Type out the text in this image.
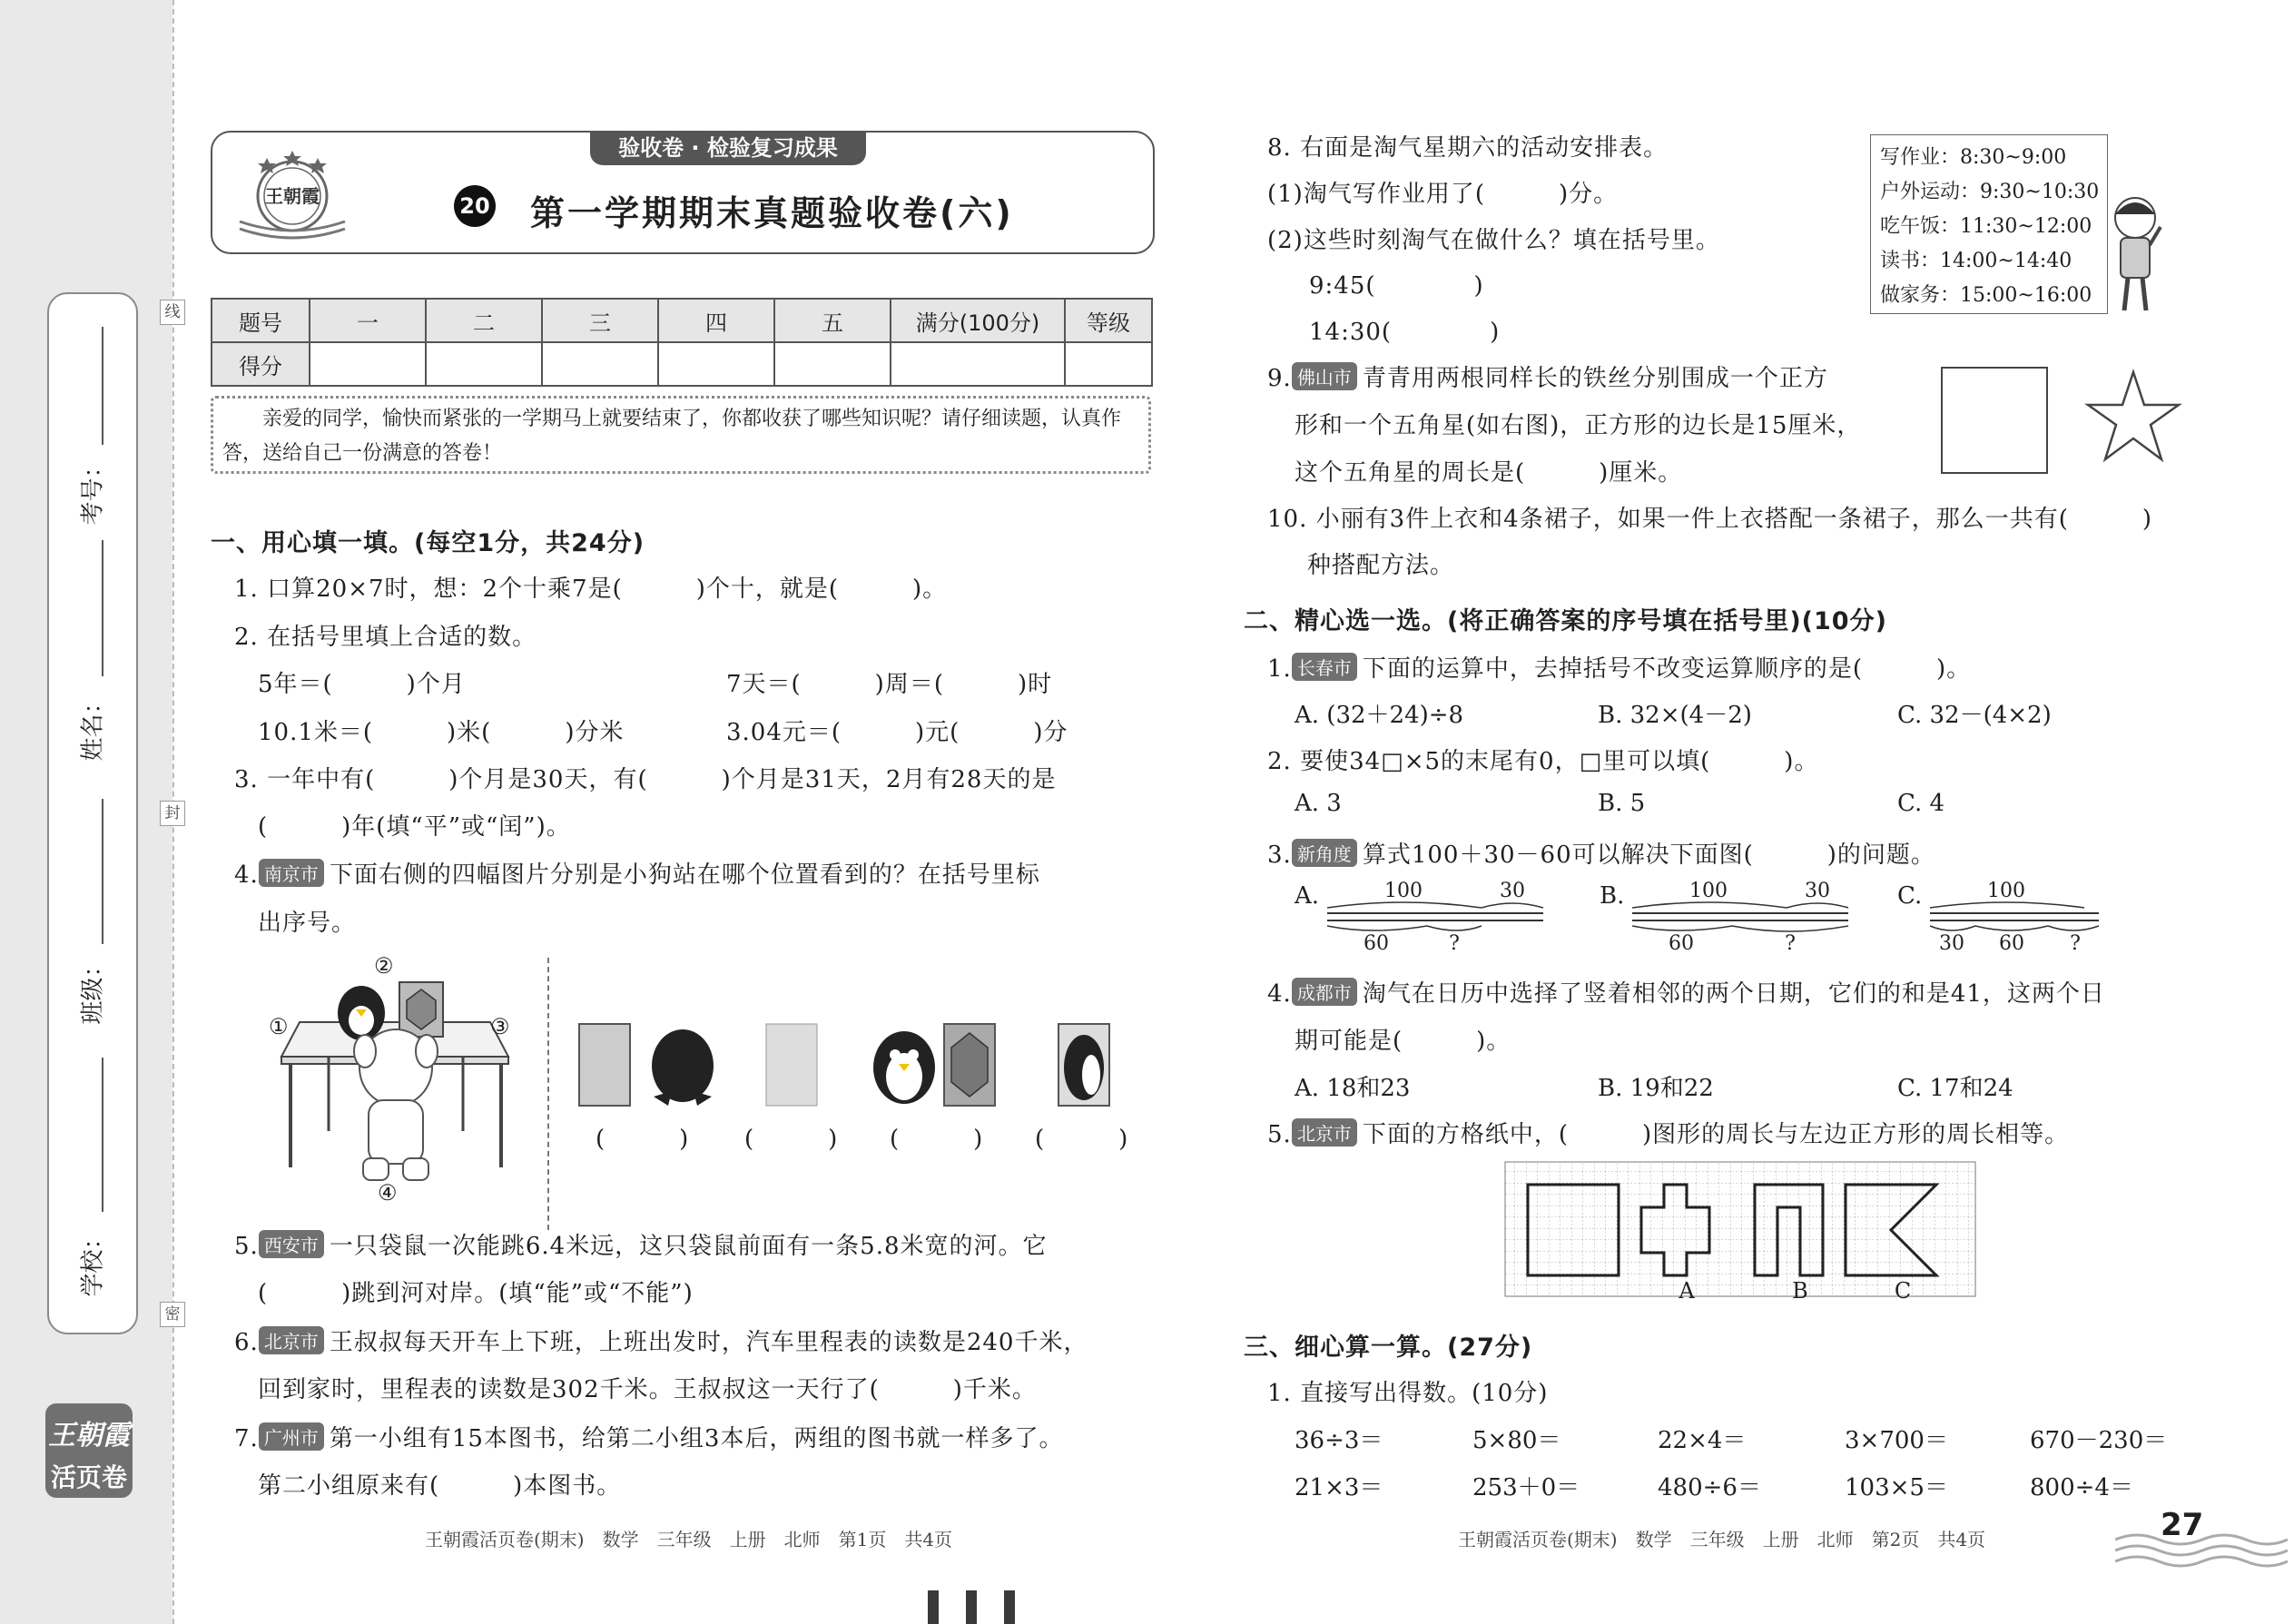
线
封
密
考号：
姓名：
班级：
学校：
王朝霞
活页卷
验收卷 · 检验复习成果
王朝霞	20 第一学期期末真题验收卷(六)
题号	一	二	三	四	五	满分(100分)	等级
得分							
亲爱的同学，愉快而紧张的一学期马上就要结束了，你都收获了哪些知识呢？请仔细读题，认真作答，送给自己一份满意的答卷！
一、用心填一填。(每空1分，共24分)
1. 口算20×7时，想：2个十乘7是(　　　)个十，就是(　　　)。
2. 在括号里填上合适的数。
5年＝(　　　)个月	7天＝(　　　)周＝(　　　)时
10.1米＝(　　　)米(　　　)分米	3.04元＝(　　　)元(　　　)分
3. 一年中有(　　　)个月是30天，有(　　　)个月是31天，2月有28天的是
(　　　)年(填“平”或“闰”)。
4. 南京市 下面右侧的四幅图片分别是小狗站在哪个位置看到的？在括号里标
出序号。
②
①	③
④
(　　　) (　　　) (　　　) (　　　)
5. 西安市 一只袋鼠一次能跳6.4米远，这只袋鼠前面有一条5.8米宽的河。它
(　　　)跳到河对岸。(填“能”或“不能”)
6. 北京市 王叔叔每天开车上下班，上班出发时，汽车里程表的读数是240千米，
回到家时，里程表的读数是302千米。王叔叔这一天行了(　　　)千米。
7. 广州市 第一小组有15本图书，给第二小组3本后，两组的图书就一样多了。
第二小组原来有(　　　)本图书。
王朝霞活页卷(期末)　数学　三年级　上册　北师　第1页　共4页
8. 右面是淘气星期六的活动安排表。
(1)淘气写作业用了(　　　)分。
(2)这些时刻淘气在做什么？填在括号里。
9:45(　　　　)
14:30(　　　　)
写作业：8:30~9:00
户外运动：9:30~10:30
吃午饭：11:30~12:00
读书：14:00~14:40
做家务：15:00~16:00
9. 佛山市 青青用两根同样长的铁丝分别围成一个正方
形和一个五角星(如右图)，正方形的边长是15厘米，
这个五角星的周长是(　　　)厘米。
10. 小丽有3件上衣和4条裙子，如果一件上衣搭配一条裙子，那么一共有(　　　)
种搭配方法。
二、精心选一选。(将正确答案的序号填在括号里)(10分)
1. 长春市 下面的运算中，去掉括号不改变运算顺序的是(　　　)。
A. (32＋24)÷8	B. 32×(4－2)	C. 32－(4×2)
2. 要使34□×5的末尾有0，□里可以填(　　　)。
A. 3	B. 5	C. 4
3. 新角度 算式100＋30－60可以解决下面图(　　　)的问题。
A.	100	30
60	?
B.	100	30
60	?
C.	100
30 60 ?
4. 成都市 淘气在日历中选择了竖着相邻的两个日期，它们的和是41，这两个日
期可能是(　　　)。
A. 18和23	B. 19和22	C. 17和24
5. 北京市 下面的方格纸中，(　　　)图形的周长与左边正方形的周长相等。
A	B	C
三、细心算一算。(27分)
1. 直接写出得数。(10分)
36÷3＝	5×80＝	22×4＝	3×700＝	670－230＝
21×3＝	253＋0＝	480÷6＝	103×5＝	800÷4＝
王朝霞活页卷(期末)　数学　三年级　上册　北师　第2页　共4页	27
